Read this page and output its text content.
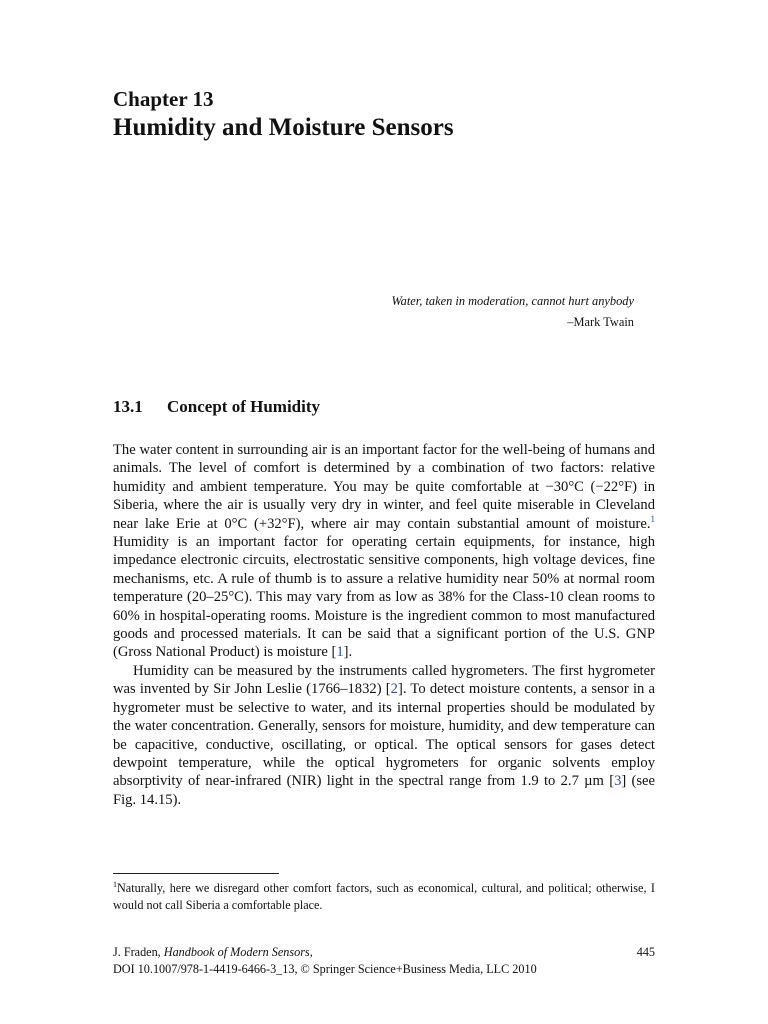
Chapter 13
Humidity and Moisture Sensors
Water, taken in moderation, cannot hurt anybody
–Mark Twain
13.1 Concept of Humidity

The water content in surrounding air is an important factor for the well-being of humans and animals. The level of comfort is determined by a combination of two factors: relative humidity and ambient temperature. You may be quite comfortable at −30°C (−22°F) in Siberia, where the air is usually very dry in winter, and feel quite miserable in Cleveland near lake Erie at 0°C (+32°F), where air may contain substantial amount of moisture.$^1$ Humidity is an important factor for operating certain equipments, for instance, high impedance electronic circuits, electrostatic sensitive components, high voltage devices, fine mechanisms, etc. A rule of thumb is to assure a relative humidity near 50% at normal room temperature (20–25°C). This may vary from as low as 38% for the Class-10 clean rooms to 60% in hospital-operating rooms. Moisture is the ingredient common to most manufactured goods and processed materials. It can be said that a significant portion of the U.S. GNP (Gross National Product) is moisture [1].

Humidity can be measured by the instruments called hygrometers. The first hygrometer was invented by Sir John Leslie (1766–1832) [2]. To detect moisture contents, a sensor in a hygrometer must be selective to water, and its internal properties should be modulated by the water concentration. Generally, sensors for moisture, humidity, and dew temperature can be capacitive, conductive, oscillating, or optical. The optical sensors for gases detect dewpoint temperature, while the optical hygrometers for organic solvents employ absorptivity of near-infrared (NIR) light in the spectral range from 1.9 to 2.7 µm [3] (see Fig. 14.15).

$^1$Naturally, here we disregard other comfort factors, such as economical, cultural, and political; otherwise, I would not call Siberia a comfortable place.
J. Fraden, Handbook of Modern Sensors,	445
DOI 10.1007/978-1-4419-6466-3_13, © Springer Science+Business Media, LLC 2010
